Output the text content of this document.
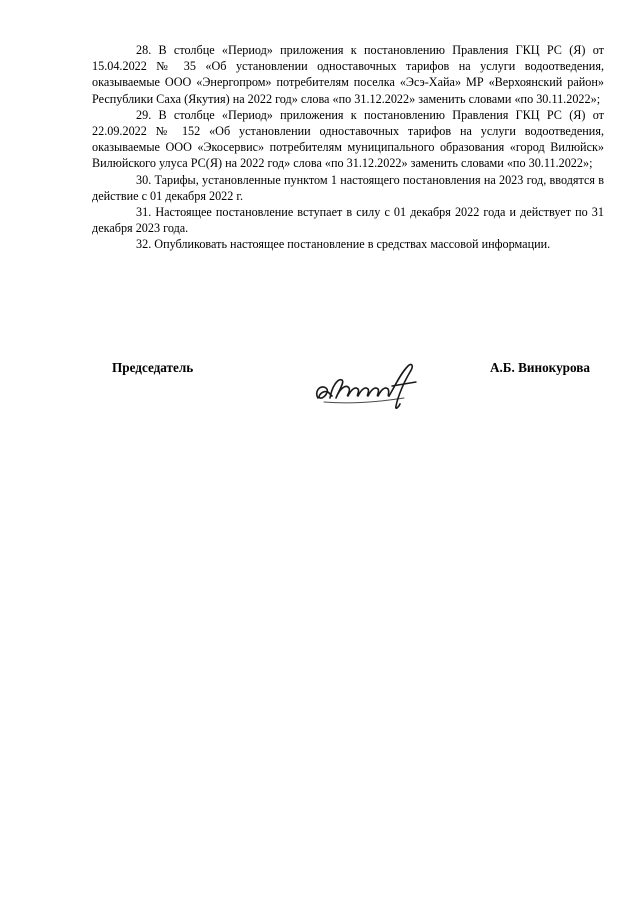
28. В столбце «Период» приложения к постановлению Правления ГКЦ РС (Я) от 15.04.2022 № 35 «Об установлении одноставочных тарифов на услуги водоотведения, оказываемые ООО «Энергопром» потребителям поселка «Эсэ-Хайа» МР «Верхоянский район» Республики Саха (Якутия) на 2022 год» слова «по 31.12.2022» заменить словами «по 30.11.2022»;

29. В столбце «Период» приложения к постановлению Правления ГКЦ РС (Я) от 22.09.2022 № 152 «Об установлении одноставочных тарифов на услуги водоотведения, оказываемые ООО «Экосервис» потребителям муниципального образования «город Вилюйск» Вилюйского улуса РС(Я) на 2022 год» слова «по 31.12.2022» заменить словами «по 30.11.2022»;

30. Тарифы, установленные пунктом 1 настоящего постановления на 2023 год, вводятся в действие с 01 декабря 2022 г.

31. Настоящее постановление вступает в силу с 01 декабря 2022 года и действует по 31 декабря 2023 года.

32. Опубликовать настоящее постановление в средствах массовой информации.

Председатель	А.Б. Винокурова
